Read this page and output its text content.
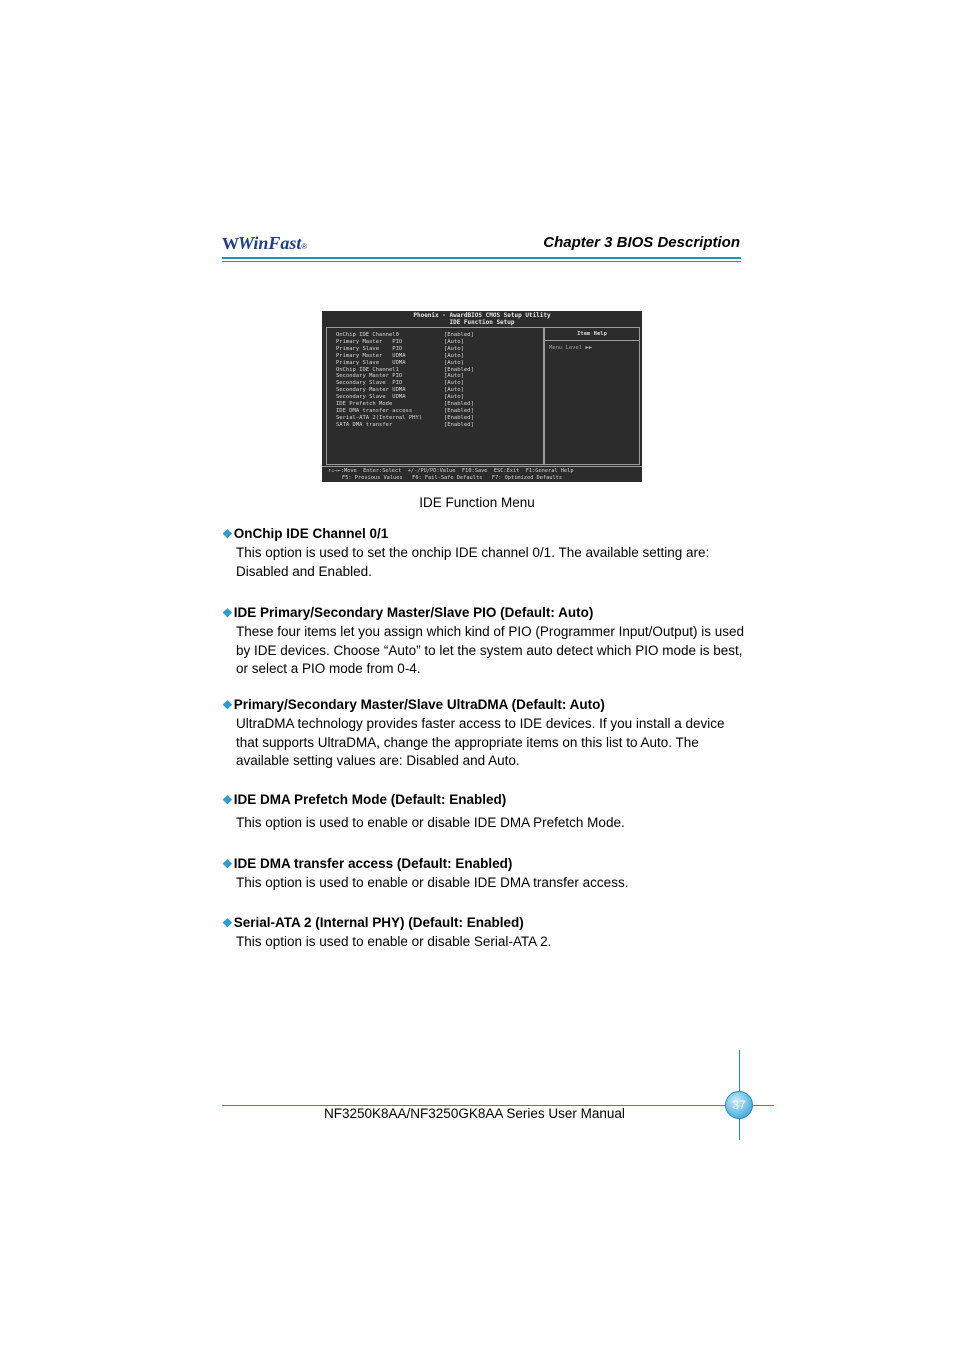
W WinFast ®	Chapter 3 BIOS Description
Phoenix - AwardBIOS CMOS Setup Utility
IDE Function Setup
Item Help
Menu Level ▶▶
OnChip IDE Channel0	[Enabled]
Primary Master   PIO	[Auto]
Primary Slave    PIO	[Auto]
Primary Master   UDMA	[Auto]
Primary Slave    UDMA	[Auto]
OnChip IDE Channel1	[Enabled]
Secondary Master PIO	[Auto]
Secondary Slave  PIO	[Auto]
Secondary Master UDMA	[Auto]
Secondary Slave  UDMA	[Auto]
IDE Prefetch Mode	[Enabled]
IDE DMA transfer access	[Enabled]
Serial-ATA 2(Internal PHY)	[Enabled]
SATA DMA transfer	[Enabled]
↑↓→←:Move  Enter:Select  +/-/PU/PD:Value  F10:Save  ESC:Exit  F1:General Help
F5: Previous Values   F6: Fail-Safe Defaults   F7: Optimized Defaults
IDE Function Menu
❖OnChip IDE Channel 0/1
This option is used to set the onchip IDE channel 0/1. The available setting are: Disabled and Enabled.
❖IDE Primary/Secondary Master/Slave PIO (Default: Auto)
These four items let you assign which kind of PIO (Programmer Input/Output) is used by IDE devices. Choose “Auto” to let the system auto detect which PIO mode is best, or select a PIO mode from 0-4.
❖Primary/Secondary Master/Slave UltraDMA (Default: Auto)
UltraDMA technology provides faster access to IDE devices. If you install a device that supports UltraDMA, change the appropriate items on this list to Auto. The available setting values are: Disabled and Auto.
❖IDE DMA Prefetch Mode (Default: Enabled)
This option is used to enable or disable IDE DMA Prefetch Mode.
❖IDE DMA transfer access (Default: Enabled)
This option is used to enable or disable IDE DMA transfer access.
❖Serial-ATA 2 (Internal PHY) (Default: Enabled)
This option is used to enable or disable Serial-ATA 2.
37
NF3250K8AA/NF3250GK8AA Series User Manual
